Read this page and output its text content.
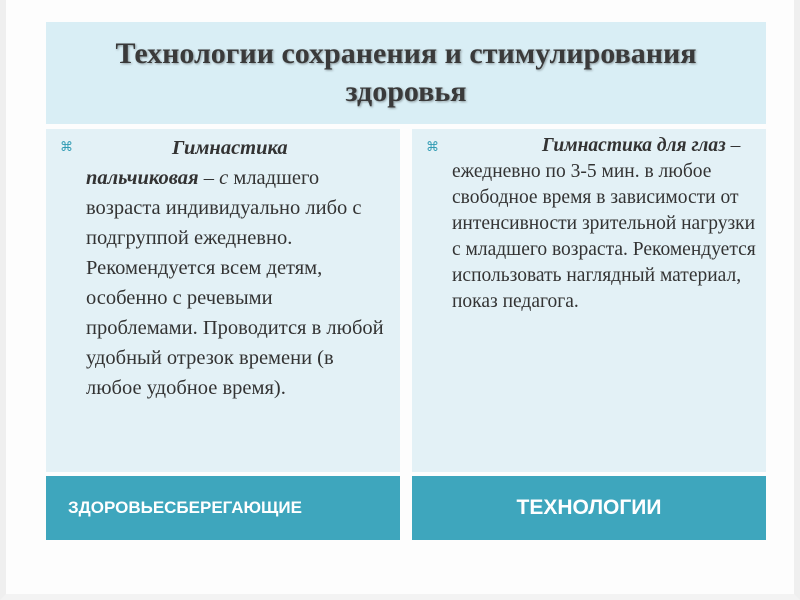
Технологии сохранения и стимулирования здоровья
⌘	Гимнастика пальчиковая – с младшего возраста индивидуально либо с подгруппой ежедневно. Рекомендуется всем детям, особенно с речевыми проблемами. Проводится в любой удобный отрезок времени (в любое удобное время).
⌘	Гимнастика для глаз – ежедневно по 3-5 мин. в любое свободное время в зависимости от интенсивности зрительной нагрузки с младшего возраста. Рекомендуется использовать наглядный материал, показ педагога.
ЗДОРОВЬЕСБЕРЕГАЮЩИЕ	ТЕХНОЛОГИИ
